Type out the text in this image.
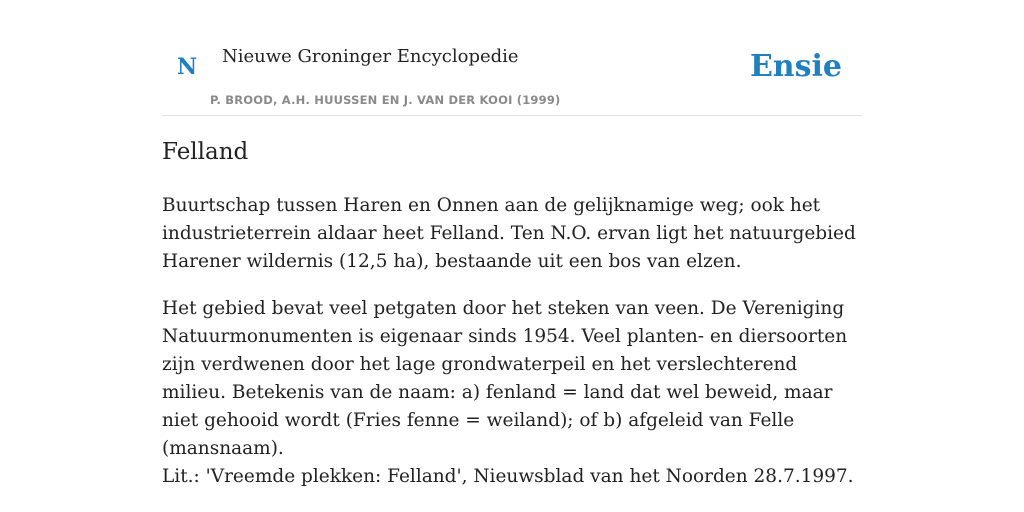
N Nieuwe Groninger Encyclopedie
P. BROOD, A.H. HUUSSEN EN J. VAN DER KOOI (1999)
Ensie
Felland

Buurtschap tussen Haren en Onnen aan de gelijknamige weg; ook het industrieterrein aldaar heet Felland. Ten N.O. ervan ligt het natuurgebied Harener wildernis (12,5 ha), bestaande uit een bos van elzen.

Het gebied bevat veel petgaten door het steken van veen. De Vereniging Natuurmonumenten is eigenaar sinds 1954. Veel planten- en diersoorten zijn verdwenen door het lage grondwaterpeil en het verslechterend milieu. Betekenis van de naam: a) fenland = land dat wel beweid, maar niet gehooid wordt (Fries fenne = weiland); of b) afgeleid van Felle (mansnaam).

Lit.: 'Vreemde plekken: Felland', Nieuwsblad van het Noorden 28.7.1997.
